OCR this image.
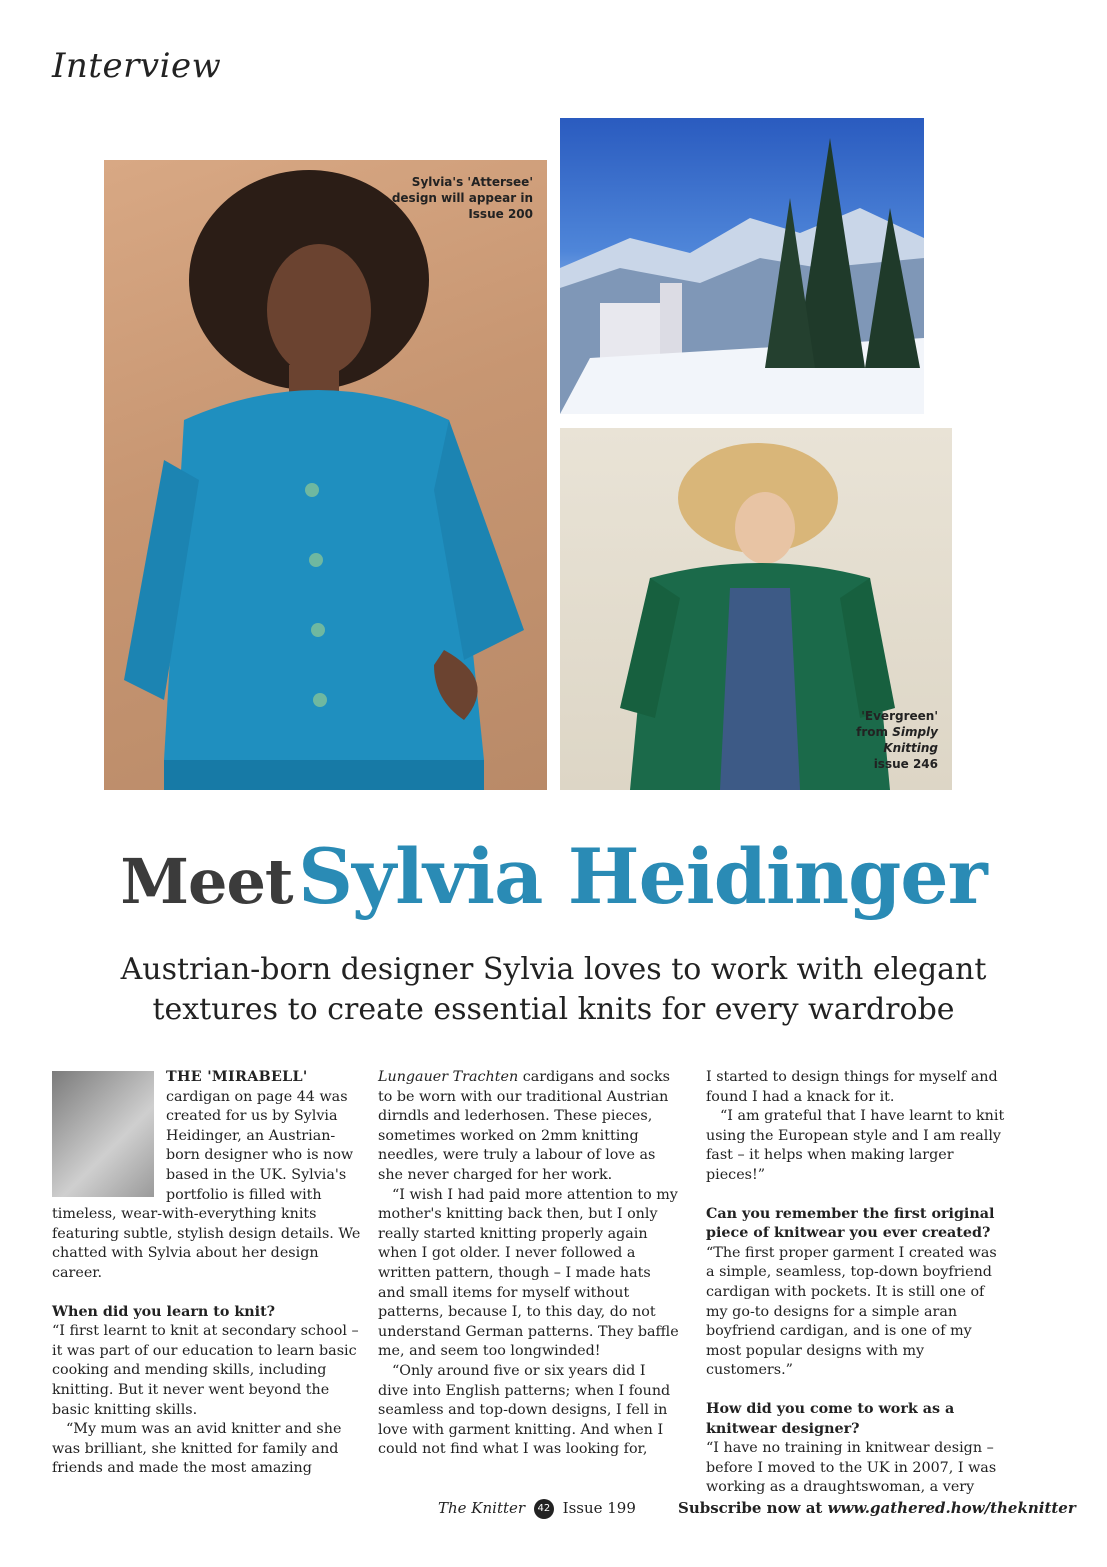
Interview
Sylvia's 'Attersee' design will appear in Issue 200
'Evergreen'
from Simply Knitting
issue 246
Meet Sylvia Heidinger
Austrian-born designer Sylvia loves to work with elegant textures to create essential knits for every wardrobe

THE 'MIRABELL' cardigan on page 44 was created for us by Sylvia Heidinger, an Austrian-born designer who is now based in the UK. Sylvia's portfolio is filled with timeless, wear-with-everything knits featuring subtle, stylish design details. We chatted with Sylvia about her design career.

When did you learn to knit?

“I first learnt to knit at secondary school – it was part of our education to learn basic cooking and mending skills, including knitting. But it never went beyond the basic knitting skills.

“My mum was an avid knitter and she was brilliant, she knitted for family and friends and made the most amazing

Lungauer Trachten cardigans and socks to be worn with our traditional Austrian dirndls and lederhosen. These pieces, sometimes worked on 2mm knitting needles, were truly a labour of love as she never charged for her work.

“I wish I had paid more attention to my mother's knitting back then, but I only really started knitting properly again when I got older. I never followed a written pattern, though – I made hats and small items for myself without patterns, because I, to this day, do not understand German patterns. They baffle me, and seem too longwinded!

“Only around five or six years did I dive into English patterns; when I found seamless and top-down designs, I fell in love with garment knitting. And when I could not find what I was looking for,

I started to design things for myself and found I had a knack for it.

“I am grateful that I have learnt to knit using the European style and I am really fast – it helps when making larger pieces!”

Can you remember the first original piece of knitwear you ever created?

“The first proper garment I created was a simple, seamless, top-down boyfriend cardigan with pockets. It is still one of my go-to designs for a simple aran boyfriend cardigan, and is one of my most popular designs with my customers.”

How did you come to work as a knitwear designer?

“I have no training in knitwear design – before I moved to the UK in 2007, I was working as a draughtswoman, a very

The Knitter 42 Issue 199	Subscribe now at www.gathered.how/theknitter
